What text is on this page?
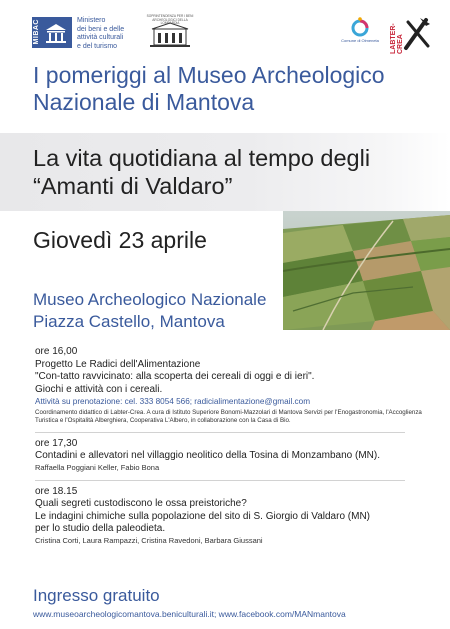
MIBAC	Ministero
dei beni e delle
attività culturali
e del turismo
SOPRINTENDENZA PER I BENI ARCHEOLOGICI DELLA LOMBARDIA
Comune di Olmeneta LABTER-CREA
I pomeriggi al Museo Archeologico
Nazionale di Mantova
La vita quotidiana al tempo degli
“Amanti di Valdaro”
Giovedì 23 aprile
Museo Archeologico Nazionale
Piazza Castello, Mantova
ore 16,00
Progetto Le Radici dell'Alimentazione
"Con-tatto ravvicinato: alla scoperta dei cereali di oggi e di ieri".
Giochi e attività con i cereali.
Attività su prenotazione: cel. 333 8054 566; radicialimentazione@gmail.com
Coordinamento didattico di Labter-Crea. A cura di Istituto Superiore Bonomi-Mazzolari di Mantova Servizi per l'Enogastronomia, l'Accoglienza Turistica e l'Ospitalità Alberghiera, Cooperativa L'Albero, in collaborazione con la Casa di Bio.
ore 17,30
Contadini e allevatori nel villaggio neolitico della Tosina di Monzambano (MN).
Raffaella Poggiani Keller, Fabio Bona
ore 18.15
Quali segreti custodiscono le ossa preistoriche?
Le indagini chimiche sulla popolazione del sito di S. Giorgio di Valdaro (MN)
per lo studio della paleodieta.
Cristina Corti, Laura Rampazzi, Cristina Ravedoni, Barbara Giussani
Ingresso gratuito
www.museoarcheologicomantova.beniculturali.it; www.facebook.com/MANmantova
